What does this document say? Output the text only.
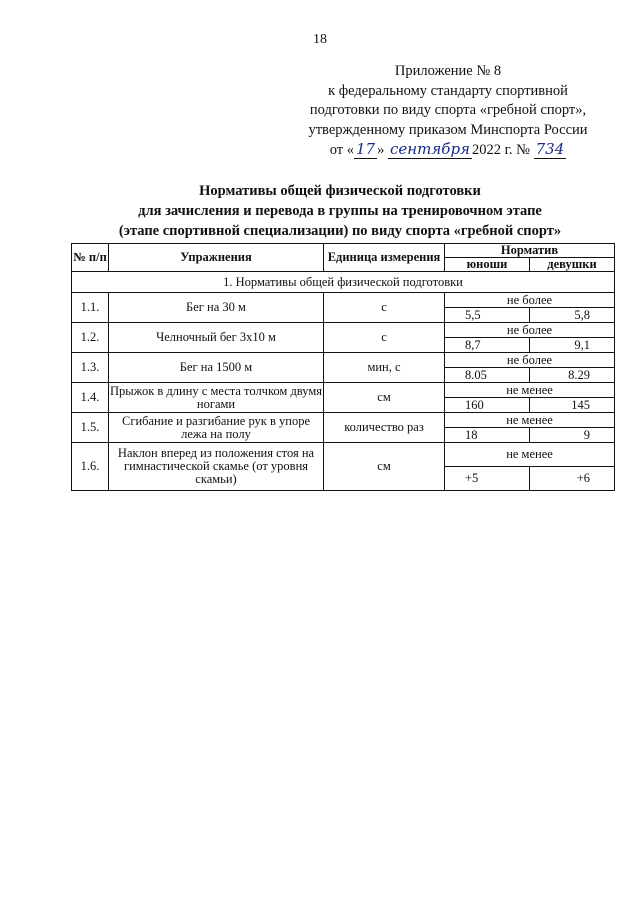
18
Приложение № 8
к федеральному стандарту спортивной
подготовки по виду спорта «гребной спорт»,
утвержденному приказом Минспорта России
от « 17 » сентября 2022 г. № 734
Нормативы общей физической подготовки
для зачисления и перевода в группы на тренировочном этапе
(этапе спортивной специализации) по виду спорта «гребной спорт»
№ п/п	Упражнения	Единица измерения	Норматив	
			юноши	девушки
1. Нормативы общей физической подготовки				
1.1.	Бег на 30 м	с	не более	
			5,5	5,8
1.2.	Челночный бег 3х10 м	с	не более	
			8,7	9,1
1.3.	Бег на 1500 м	мин, с	не более	
			8.05	8.29
1.4.	Прыжок в длину с места толчком двумя ногами	см	не менее	
			160	145
1.5.	Сгибание и разгибание рук в упоре лежа на полу	количество раз	не менее	
			18	9
1.6.	Наклон вперед из положения стоя на гимнастической скамье (от уровня скамьи)	см	не менее	
			+5	+6
